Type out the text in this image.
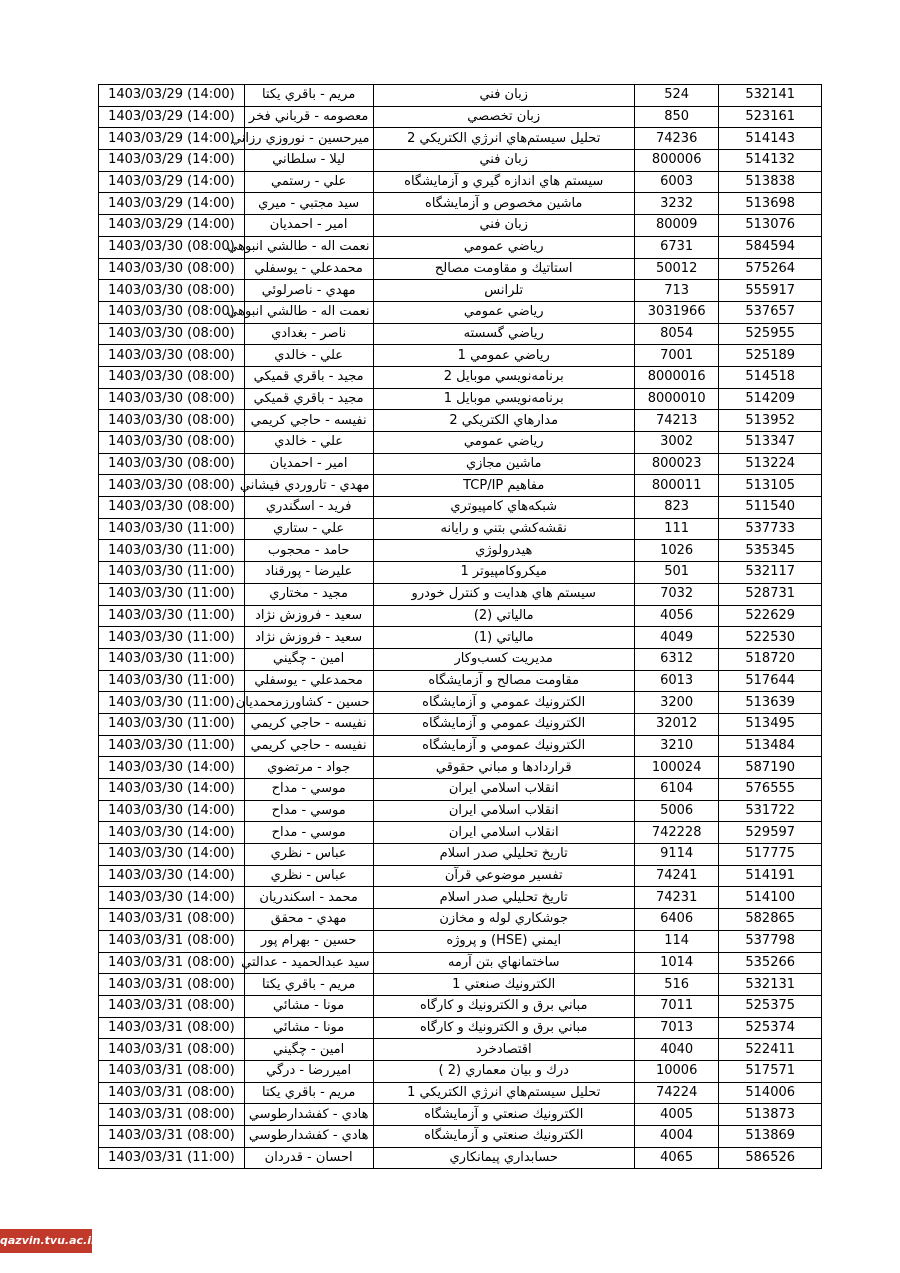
1403/03/29 (14:00)	مريم - باقري يكتا	زبان فني	524	532141
1403/03/29 (14:00)	معصومه - قرباني فخر	زبان تخصصي	850	523161
1403/03/29 (14:00)	ميرحسين - نوروزي رزاني	تحليل سيستم‌هاي انرژي الكتريكي 2	74236	514143
1403/03/29 (14:00)	ليلا - سلطاني	زبان فني	800006	514132
1403/03/29 (14:00)	علي - رستمي	سيستم هاي اندازه گيري و آزمايشگاه	6003	513838
1403/03/29 (14:00)	سيد مجتبي - ميري	ماشين مخصوص و آزمايشگاه	3232	513698
1403/03/29 (14:00)	امير - احمديان	زبان فني	80009	513076
1403/03/30 (08:00)	نعمت اله - طالشي انبوهي	رياضي عمومي	6731	584594
1403/03/30 (08:00)	محمدعلي - يوسفلي	استاتيك و مقاومت مصالح	50012	575264
1403/03/30 (08:00)	مهدي - ناصرلوئي	تلرانس	713	555917
1403/03/30 (08:00)	نعمت اله - طالشي انبوهي	رياضي عمومي	3031966	537657
1403/03/30 (08:00)	ناصر - بغدادي	رياضي گسسته	8054	525955
1403/03/30 (08:00)	علي - خالدي	رياضي عمومي 1	7001	525189
1403/03/30 (08:00)	مجيد - باقري قميكي	برنامه‌نويسي موبايل 2	8000016	514518
1403/03/30 (08:00)	مجيد - باقري قميكي	برنامه‌نويسي موبايل 1	8000010	514209
1403/03/30 (08:00)	نفيسه - حاجي كريمي	مدارهاي الكتريكي 2	74213	513952
1403/03/30 (08:00)	علي - خالدي	رياضي عمومي	3002	513347
1403/03/30 (08:00)	امير - احمديان	ماشين مجازي	800023	513224
1403/03/30 (08:00)	مهدي - تاروردي فيشاني	مفاهيم TCP/IP	800011	513105
1403/03/30 (08:00)	فريد - اسگندري	شبكه‌هاي كامپيوتري	823	511540
1403/03/30 (11:00)	علي - ستاري	نقشه‌كشي بتني و رايانه	111	537733
1403/03/30 (11:00)	حامد - محجوب	هيدرولوژي	1026	535345
1403/03/30 (11:00)	عليرضا - پورقناد	ميكروكامپيوتر 1	501	532117
1403/03/30 (11:00)	مجيد - مختاري	سيستم هاي هدايت و كنترل خودرو	7032	528731
1403/03/30 (11:00)	سعيد - فروزش نژاد	مالياتي (2)	4056	522629
1403/03/30 (11:00)	سعيد - فروزش نژاد	مالياتي (1)	4049	522530
1403/03/30 (11:00)	امين - چگيني	مديريت كسب‌وكار	6312	518720
1403/03/30 (11:00)	محمدعلي - يوسفلي	مقاومت مصالح و آزمايشگاه	6013	517644
1403/03/30 (11:00)	حسين - كشاورزمحمديان	الكترونيك عمومي و آزمايشگاه	3200	513639
1403/03/30 (11:00)	نفيسه - حاجي كريمي	الكترونيك عمومي و آزمايشگاه	32012	513495
1403/03/30 (11:00)	نفيسه - حاجي كريمي	الكترونيك عمومي و آزمايشگاه	3210	513484
1403/03/30 (14:00)	جواد - مرتضوي	قراردادها و مباني حقوقي	100024	587190
1403/03/30 (14:00)	موسي - مداح	انقلاب اسلامي ايران	6104	576555
1403/03/30 (14:00)	موسي - مداح	انقلاب اسلامي ايران	5006	531722
1403/03/30 (14:00)	موسي - مداح	انقلاب اسلامي ايران	742228	529597
1403/03/30 (14:00)	عباس - نظري	تاريخ تحليلي صدر اسلام	9114	517775
1403/03/30 (14:00)	عباس - نظري	تفسير موضوعي قرآن	74241	514191
1403/03/30 (14:00)	محمد - اسكندريان	تاريخ تحليلي صدر اسلام	74231	514100
1403/03/31 (08:00)	مهدي - محقق	جوشكاري لوله و مخازن	6406	582865
1403/03/31 (08:00)	حسين - بهرام پور	ايمني (HSE) و پروژه	114	537798
1403/03/31 (08:00)	سيد عبدالحميد - عدالتي	ساختمانهاي بتن آرمه	1014	535266
1403/03/31 (08:00)	مريم - باقري يكتا	الكترونيك صنعتي 1	516	532131
1403/03/31 (08:00)	مونا - مشائي	مباني برق و الكترونيك و كارگاه	7011	525375
1403/03/31 (08:00)	مونا - مشائي	مباني برق و الكترونيك و كارگاه	7013	525374
1403/03/31 (08:00)	امين - چگيني	اقتصادخرد	4040	522411
1403/03/31 (08:00)	اميررضا - درگي	درك و بيان معماري (2 )	10006	517571
1403/03/31 (08:00)	مريم - باقري يكتا	تحليل سيستم‌هاي انرژي الكتريكي 1	74224	514006
1403/03/31 (08:00)	هادي - كفشدارطوسي	الكترونيك صنعتي و آزمايشگاه	4005	513873
1403/03/31 (08:00)	هادي - كفشدارطوسي	الكترونيك صنعتي و آزمايشگاه	4004	513869
1403/03/31 (11:00)	احسان - قدردان	حسابداري پيمانكاري	4065	586526
qazvin.tvu.ac.ir
